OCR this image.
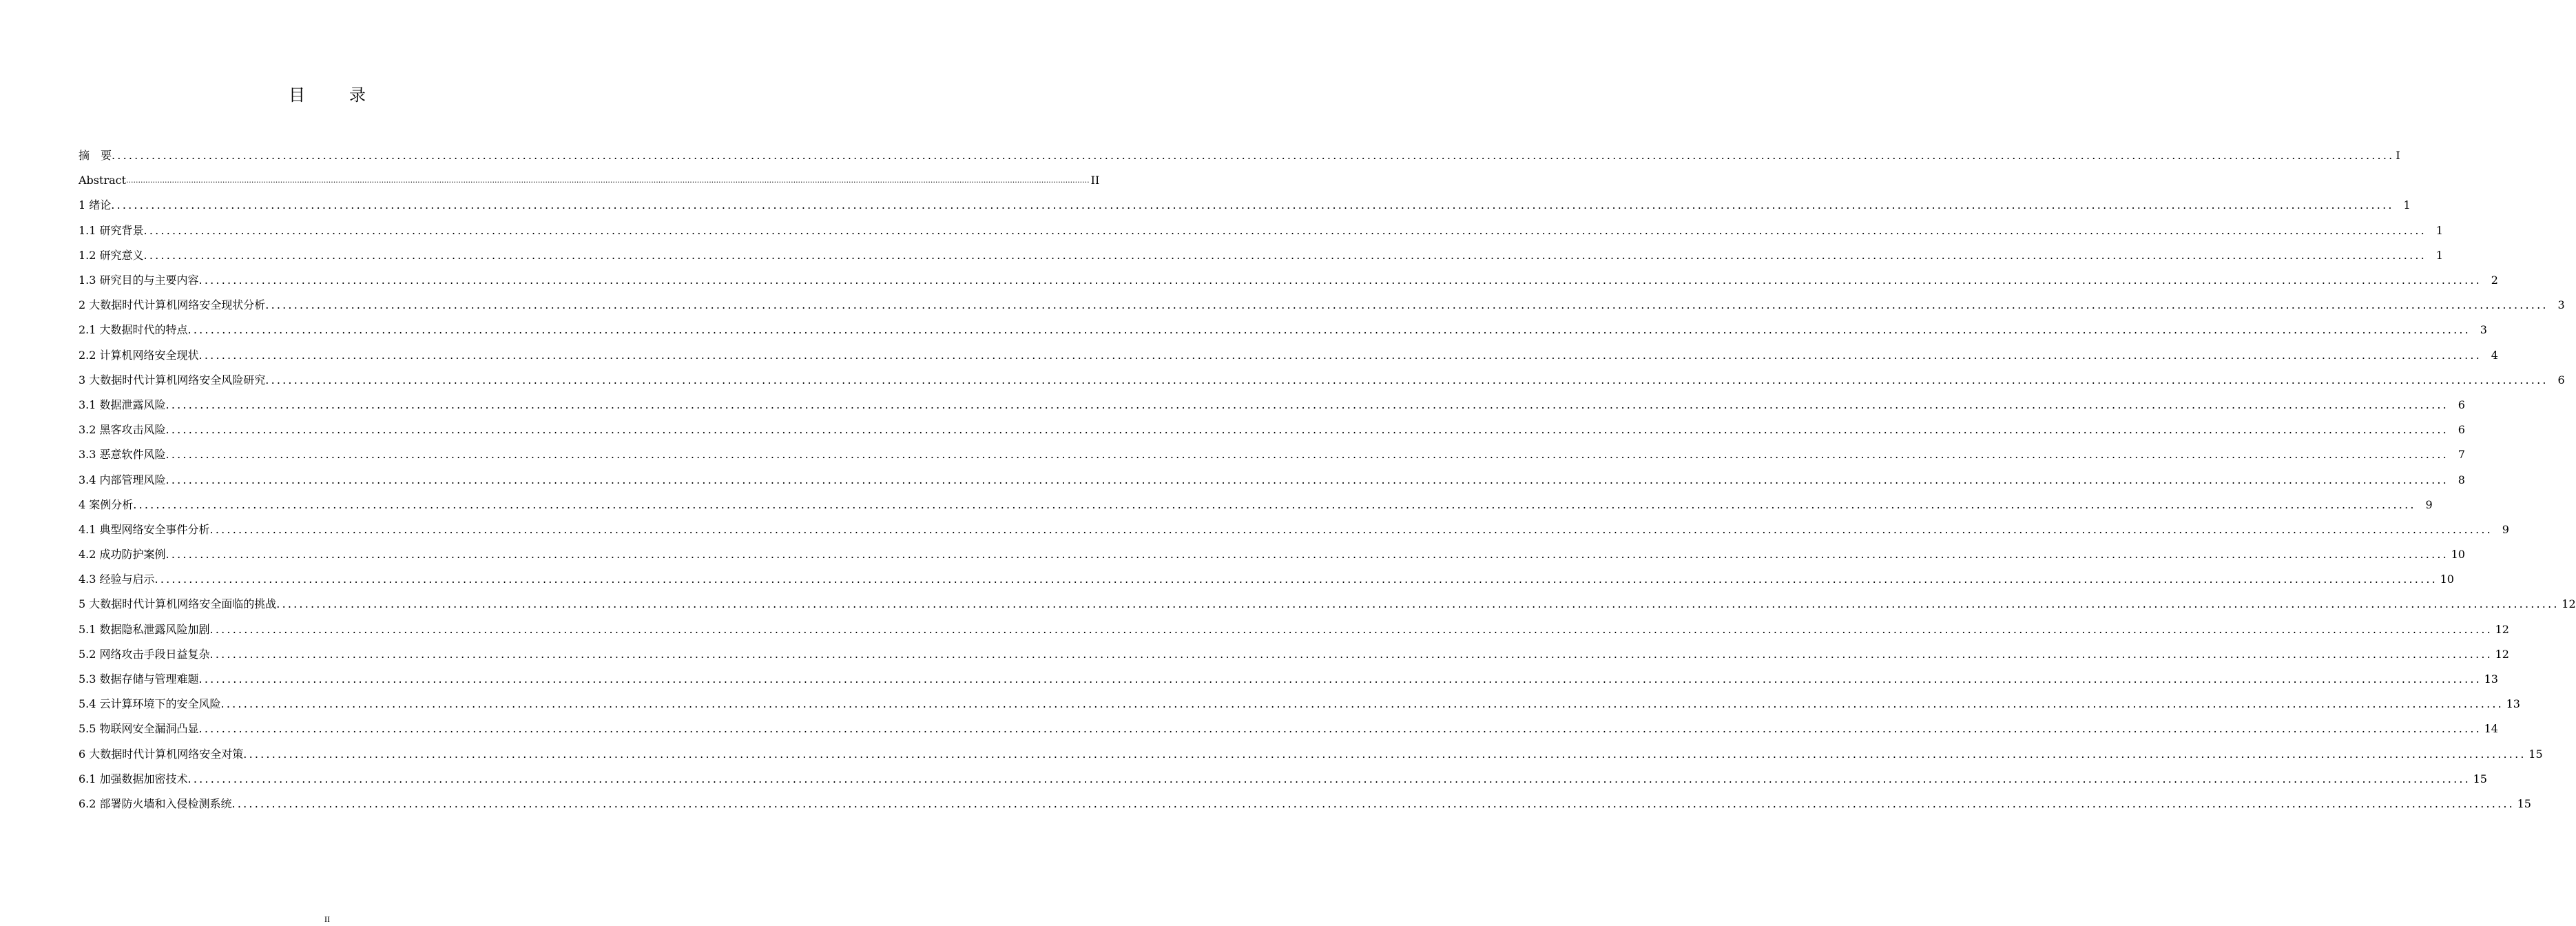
目　录
摘　要 ................................................................................................................................................................................................................................................................................................................................................................................................................ I
Abstract ................................................................................................................................................................................................................................................................................................................................................................................................................ II
1 绪论 ................................................................................................................................................................................................................................................................................................................................................................................................................ 1
1.1 研究背景 ................................................................................................................................................................................................................................................................................................................................................................................................................ 1
1.2 研究意义 ................................................................................................................................................................................................................................................................................................................................................................................................................ 1
1.3 研究目的与主要内容 ................................................................................................................................................................................................................................................................................................................................................................................................................ 2
2 大数据时代计算机网络安全现状分析 ................................................................................................................................................................................................................................................................................................................................................................................................................ 3
2.1 大数据时代的特点 ................................................................................................................................................................................................................................................................................................................................................................................................................ 3
2.2 计算机网络安全现状 ................................................................................................................................................................................................................................................................................................................................................................................................................ 4
3 大数据时代计算机网络安全风险研究 ................................................................................................................................................................................................................................................................................................................................................................................................................ 6
3.1 数据泄露风险 ................................................................................................................................................................................................................................................................................................................................................................................................................ 6
3.2 黑客攻击风险 ................................................................................................................................................................................................................................................................................................................................................................................................................ 6
3.3 恶意软件风险 ................................................................................................................................................................................................................................................................................................................................................................................................................ 7
3.4 内部管理风险 ................................................................................................................................................................................................................................................................................................................................................................................................................ 8
4 案例分析 ................................................................................................................................................................................................................................................................................................................................................................................................................ 9
4.1 典型网络安全事件分析 ................................................................................................................................................................................................................................................................................................................................................................................................................ 9
4.2 成功防护案例 ................................................................................................................................................................................................................................................................................................................................................................................................................ 10
4.3 经验与启示 ................................................................................................................................................................................................................................................................................................................................................................................................................ 10
5 大数据时代计算机网络安全面临的挑战 ................................................................................................................................................................................................................................................................................................................................................................................................................ 12
5.1 数据隐私泄露风险加剧 ................................................................................................................................................................................................................................................................................................................................................................................................................ 12
5.2 网络攻击手段日益复杂 ................................................................................................................................................................................................................................................................................................................................................................................................................ 12
5.3 数据存储与管理难题 ................................................................................................................................................................................................................................................................................................................................................................................................................ 13
5.4 云计算环境下的安全风险 ................................................................................................................................................................................................................................................................................................................................................................................................................ 13
5.5 物联网安全漏洞凸显 ................................................................................................................................................................................................................................................................................................................................................................................................................ 14
6 大数据时代计算机网络安全对策 ................................................................................................................................................................................................................................................................................................................................................................................................................ 15
6.1 加强数据加密技术 ................................................................................................................................................................................................................................................................................................................................................................................................................ 15
6.2 部署防火墙和入侵检测系统 ................................................................................................................................................................................................................................................................................................................................................................................................................ 15
II
